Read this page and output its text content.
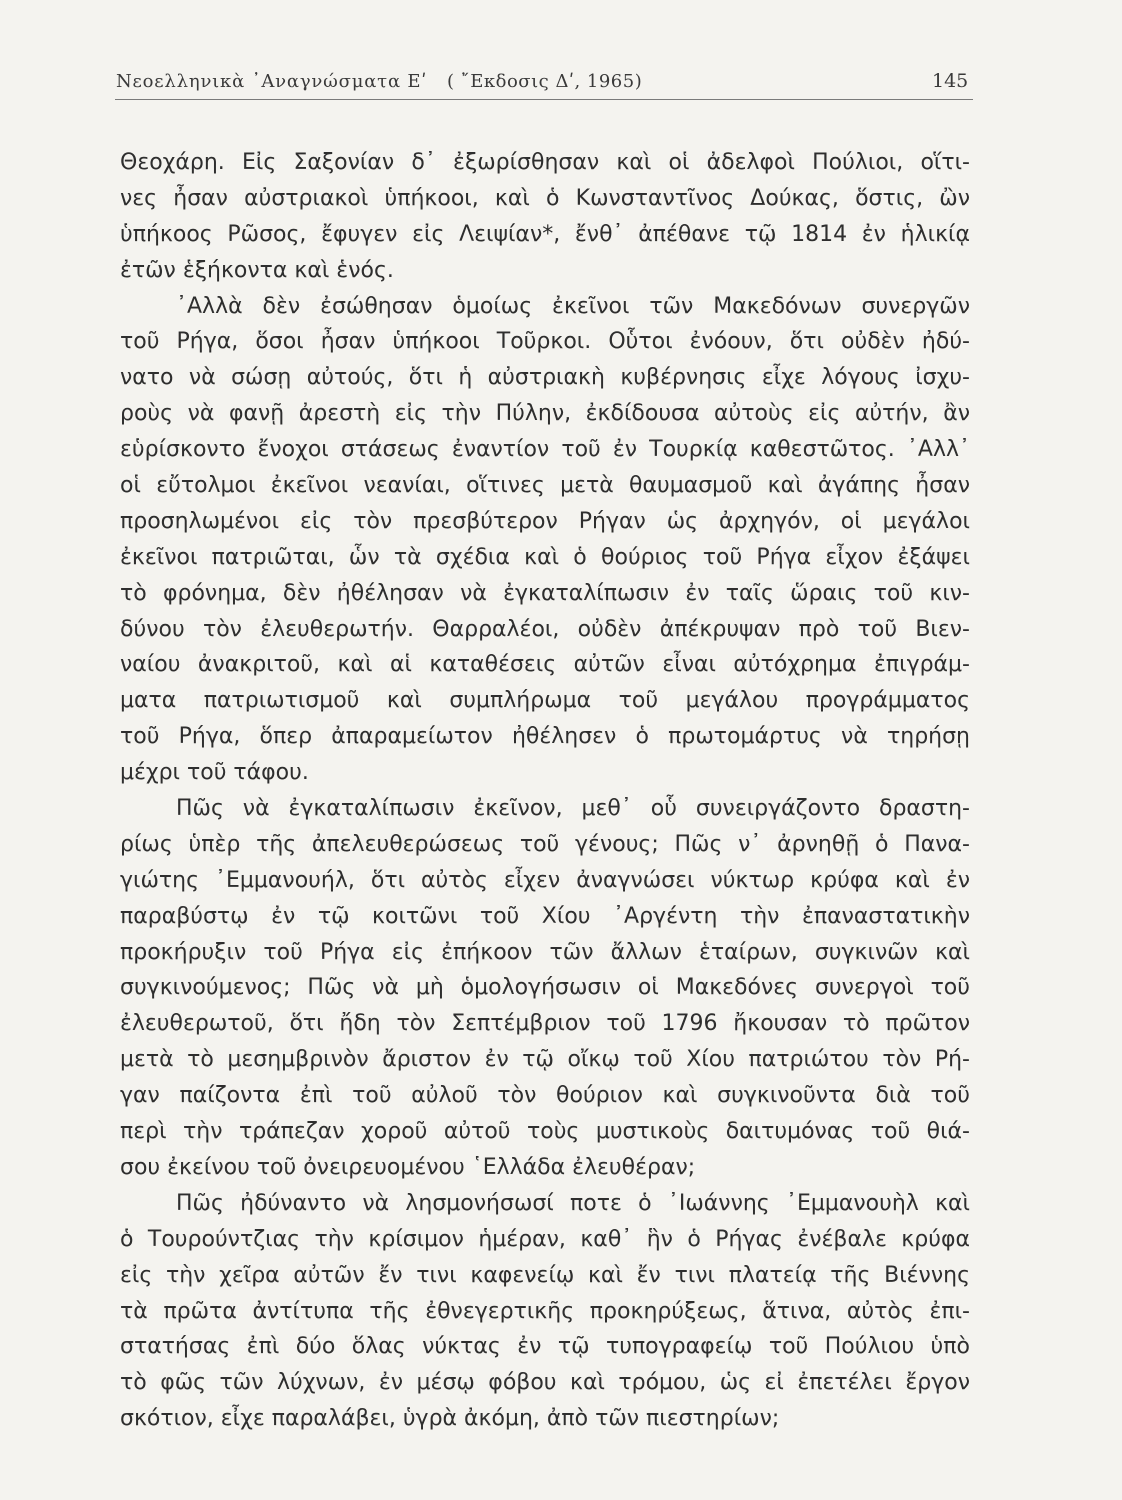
Νεοελληνικὰ ᾿Αναγνώσματα Εʹ ( ῎Εκδοσις Δʹ, 1965)	145
Θεοχάρη. Εἰς Σαξονίαν δ᾿ ἐξωρίσθησαν καὶ οἱ ἀδελφοὶ Πούλιοι, οἵτι-
νες ἦσαν αὐστριακοὶ ὑπήκοοι, καὶ ὁ Κωνσταντῖνος Δούκας, ὅστις, ὢν
ὑπήκοος Ρῶσος, ἔφυγεν εἰς Λειψίαν*, ἔνθ᾿ ἀπέθανε τῷ 1814 ἐν ἡλικίᾳ
ἐτῶν ἑξήκοντα καὶ ἑνός.
᾿Αλλὰ δὲν ἐσώθησαν ὁμοίως ἐκεῖνοι τῶν Μακεδόνων συνεργῶν
τοῦ Ρήγα, ὅσοι ἦσαν ὑπήκοοι Τοῦρκοι. Οὗτοι ἐνόουν, ὅτι οὐδὲν ἠδύ-
νατο νὰ σώσῃ αὐτούς, ὅτι ἡ αὐστριακὴ κυβέρνησις εἶχε λόγους ἰσχυ-
ροὺς νὰ φανῇ ἀρεστὴ εἰς τὴν Πύλην, ἐκδίδουσα αὐτοὺς εἰς αὐτήν, ἂν
εὑρίσκοντο ἔνοχοι στάσεως ἐναντίον τοῦ ἐν Τουρκίᾳ καθεστῶτος. ᾿Αλλ᾿
οἱ εὔτολμοι ἐκεῖνοι νεανίαι, οἵτινες μετὰ θαυμασμοῦ καὶ ἀγάπης ἦσαν
προσηλωμένοι εἰς τὸν πρεσβύτερον Ρήγαν ὡς ἀρχηγόν, οἱ μεγάλοι
ἐκεῖνοι πατριῶται, ὧν τὰ σχέδια καὶ ὁ θούριος τοῦ Ρήγα εἶχον ἐξάψει
τὸ φρόνημα, δὲν ἠθέλησαν νὰ ἐγκαταλίπωσιν ἐν ταῖς ὥραις τοῦ κιν-
δύνου τὸν ἐλευθερωτήν. Θαρραλέοι, οὐδὲν ἀπέκρυψαν πρὸ τοῦ Βιεν-
ναίου ἀνακριτοῦ, καὶ αἱ καταθέσεις αὐτῶν εἶναι αὐτόχρημα ἐπιγράμ-
ματα πατριωτισμοῦ καὶ συμπλήρωμα τοῦ μεγάλου προγράμματος
τοῦ Ρήγα, ὅπερ ἀπαραμείωτον ἠθέλησεν ὁ πρωτομάρτυς νὰ τηρήσῃ
μέχρι τοῦ τάφου.
Πῶς νὰ ἐγκαταλίπωσιν ἐκεῖνον, μεθ᾿ οὗ συνειργάζοντο δραστη-
ρίως ὑπὲρ τῆς ἀπελευθερώσεως τοῦ γένους; Πῶς ν᾿ ἀρνηθῇ ὁ Πανα-
γιώτης ᾿Εμμανουήλ, ὅτι αὐτὸς εἶχεν ἀναγνώσει νύκτωρ κρύφα καὶ ἐν
παραβύστῳ ἐν τῷ κοιτῶνι τοῦ Χίου ᾿Αργέντη τὴν ἐπαναστατικὴν
προκήρυξιν τοῦ Ρήγα εἰς ἐπήκοον τῶν ἄλλων ἑταίρων, συγκινῶν καὶ
συγκινούμενος; Πῶς νὰ μὴ ὁμολογήσωσιν οἱ Μακεδόνες συνεργοὶ τοῦ
ἐλευθερωτοῦ, ὅτι ἤδη τὸν Σεπτέμβριον τοῦ 1796 ἤκουσαν τὸ πρῶτον
μετὰ τὸ μεσημβρινὸν ἄριστον ἐν τῷ οἴκῳ τοῦ Χίου πατριώτου τὸν Ρή-
γαν παίζοντα ἐπὶ τοῦ αὐλοῦ τὸν θούριον καὶ συγκινοῦντα διὰ τοῦ
περὶ τὴν τράπεζαν χοροῦ αὐτοῦ τοὺς μυστικοὺς δαιτυμόνας τοῦ θιά-
σου ἐκείνου τοῦ ὀνειρευομένου ῾Ελλάδα ἐλευθέραν;
Πῶς ἠδύναντο νὰ λησμονήσωσί ποτε ὁ ᾿Ιωάννης ᾿Εμμανουὴλ καὶ
ὁ Τουρούντζιας τὴν κρίσιμον ἡμέραν, καθ᾿ ἣν ὁ Ρήγας ἐνέβαλε κρύφα
εἰς τὴν χεῖρα αὐτῶν ἔν τινι καφενείῳ καὶ ἔν τινι πλατείᾳ τῆς Βιέννης
τὰ πρῶτα ἀντίτυπα τῆς ἐθνεγερτικῆς προκηρύξεως, ἅτινα, αὐτὸς ἐπι-
στατήσας ἐπὶ δύο ὅλας νύκτας ἐν τῷ τυπογραφείῳ τοῦ Πούλιου ὑπὸ
τὸ φῶς τῶν λύχνων, ἐν μέσῳ φόβου καὶ τρόμου, ὡς εἰ ἐπετέλει ἔργον
σκότιον, εἶχε παραλάβει, ὑγρὰ ἀκόμη, ἀπὸ τῶν πιεστηρίων;
